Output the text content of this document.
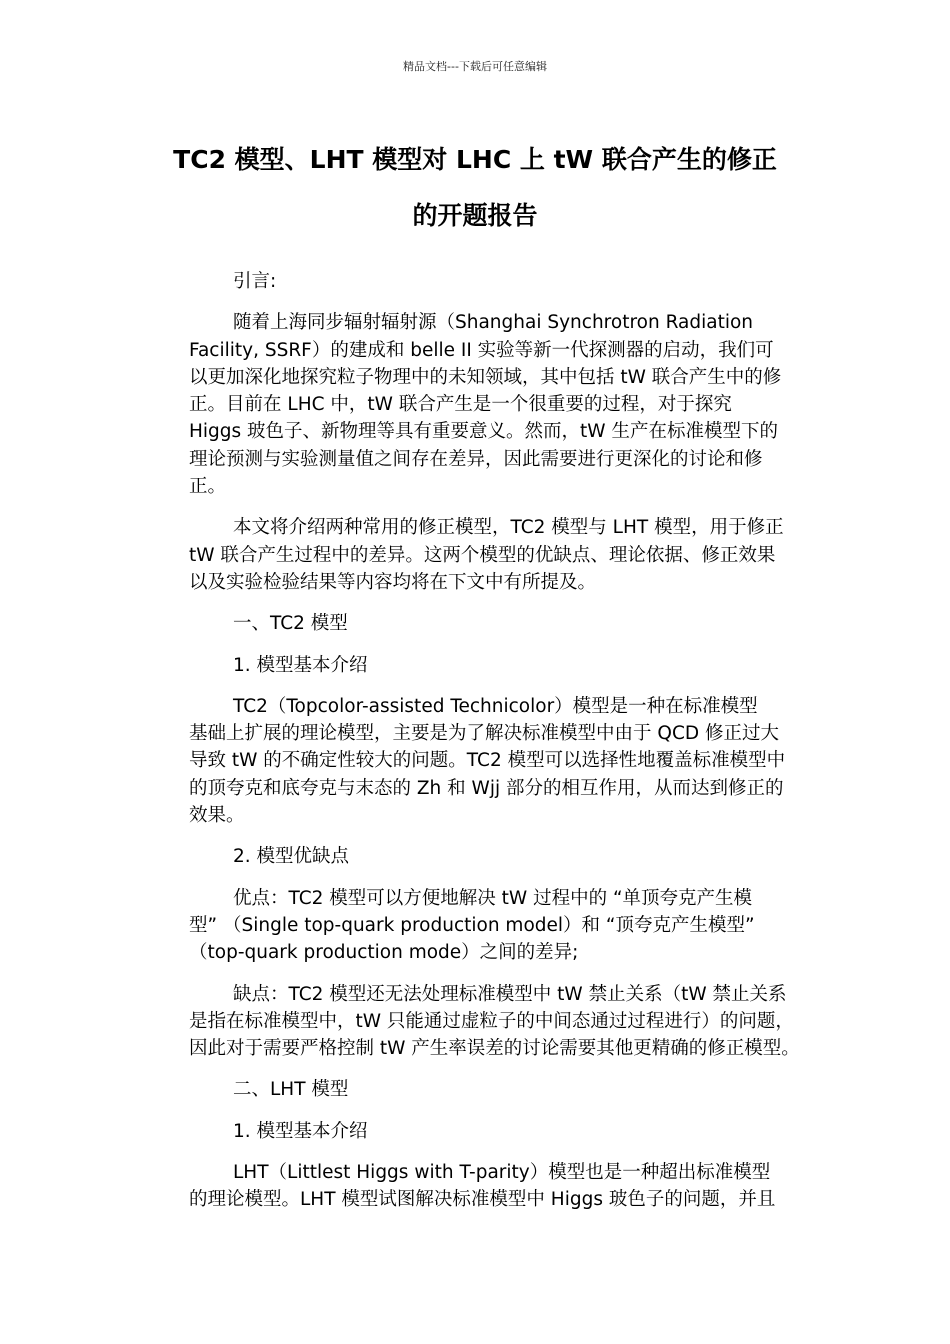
精品文档---下载后可任意编辑
TC2 模型、LHT 模型对 LHC 上 tW 联合产生的修正
的开题报告
引言:
随着上海同步辐射辐射源（Shanghai Synchrotron Radiation
Facility, SSRF）的建成和 belle II 实验等新一代探测器的启动，我们可
以更加深化地探究粒子物理中的未知领域，其中包括 tW 联合产生中的修
正。目前在 LHC 中，tW 联合产生是一个很重要的过程，对于探究
Higgs 玻色子、新物理等具有重要意义。然而，tW 生产在标准模型下的
理论预测与实验测量值之间存在差异，因此需要进行更深化的讨论和修
正。
本文将介绍两种常用的修正模型，TC2 模型与 LHT 模型，用于修正
tW 联合产生过程中的差异。这两个模型的优缺点、理论依据、修正效果
以及实验检验结果等内容均将在下文中有所提及。
一、TC2 模型
1. 模型基本介绍
TC2（Topcolor-assisted Technicolor）模型是一种在标准模型
基础上扩展的理论模型，主要是为了解决标准模型中由于 QCD 修正过大
导致 tW 的不确定性较大的问题。TC2 模型可以选择性地覆盖标准模型中
的顶夸克和底夸克与末态的 Zh 和 Wjj 部分的相互作用，从而达到修正的
效果。
2. 模型优缺点
优点：TC2 模型可以方便地解决 tW 过程中的 “单顶夸克产生模
型” （Single top-quark production model）和 “顶夸克产生模型”
（top-quark production mode）之间的差异;
缺点：TC2 模型还无法处理标准模型中 tW 禁止关系（tW 禁止关系
是指在标准模型中，tW 只能通过虚粒子的中间态通过过程进行）的问题，
因此对于需要严格控制 tW 产生率误差的讨论需要其他更精确的修正模型。
二、LHT 模型
1. 模型基本介绍
LHT（Littlest Higgs with T-parity）模型也是一种超出标准模型
的理论模型。LHT 模型试图解决标准模型中 Higgs 玻色子的问题，并且
